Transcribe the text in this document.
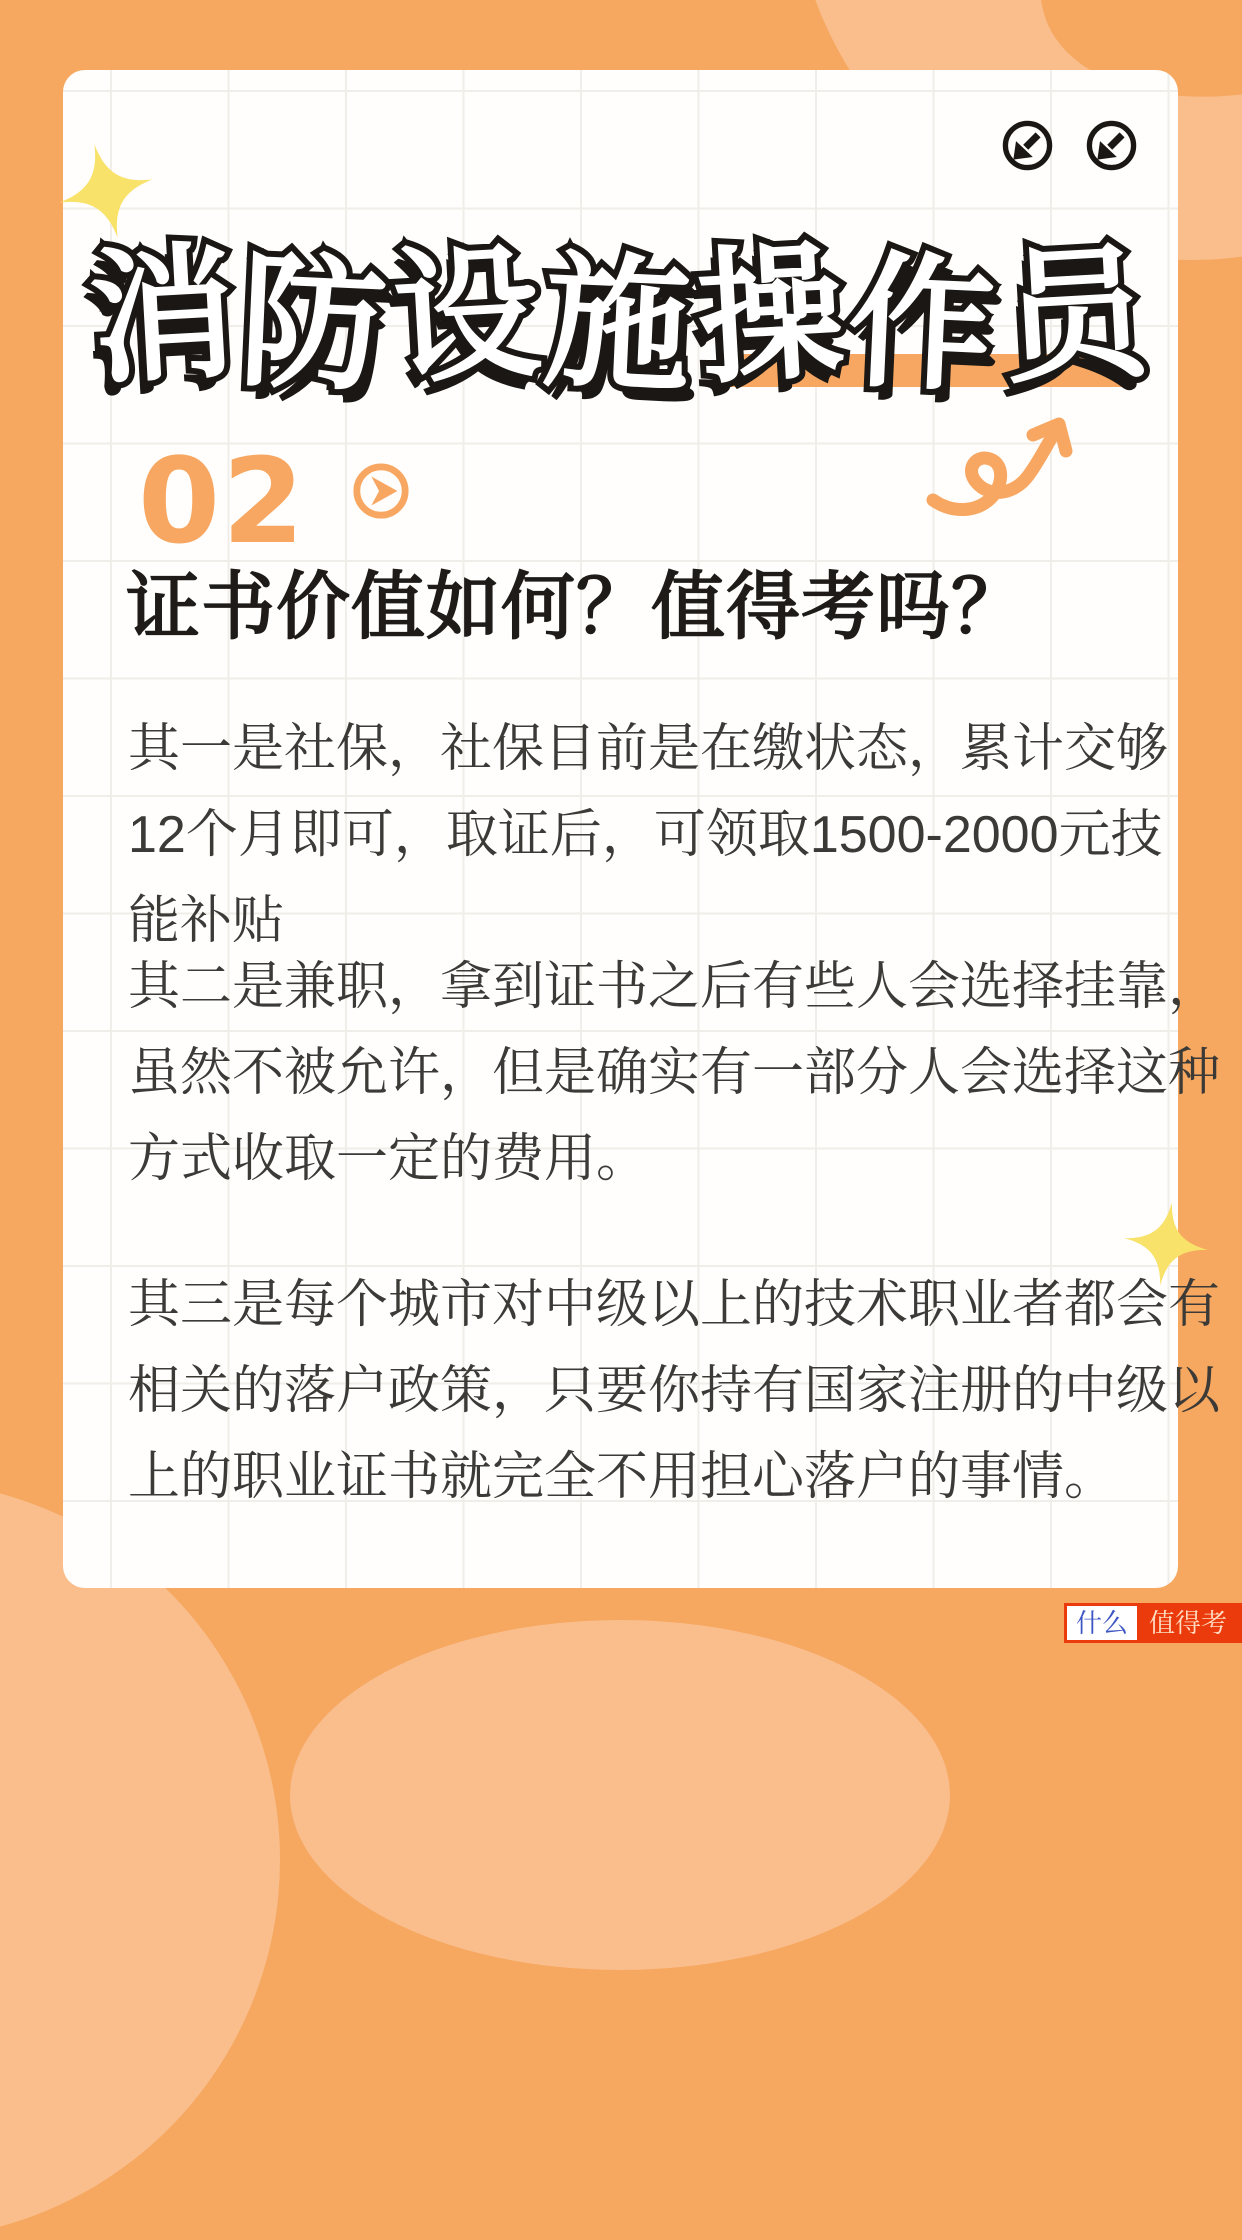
消防设施操作员
02
证书价值如何？值得考吗？
其一是社保，社保目前是在缴状态，累计交够
12个月即可，取证后，可领取1500-2000元技
能补贴
其二是兼职，拿到证书之后有些人会选择挂靠，
虽然不被允许，但是确实有一部分人会选择这种
方式收取一定的费用。
其三是每个城市对中级以上的技术职业者都会有
相关的落户政策，只要你持有国家注册的中级以
上的职业证书就完全不用担心落户的事情。
什么 值得考
